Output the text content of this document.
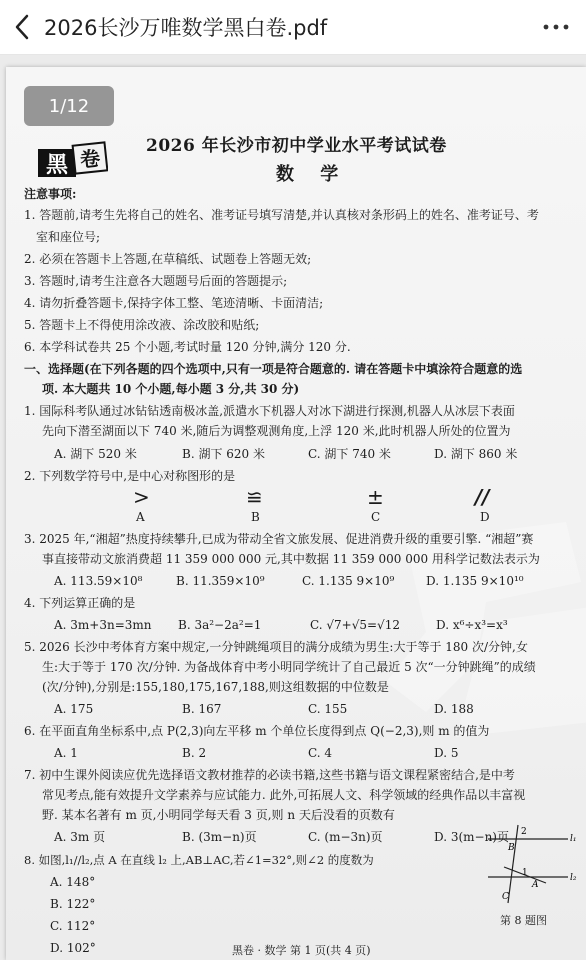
2026长沙万唯数学黑白卷.pdf
1/12
黑 卷
2026 年长沙市初中学业水平考试试卷
数 学
注意事项:
1. 答题前,请考生先将自己的姓名、准考证号填写清楚,并认真核对条形码上的姓名、准考证号、考
室和座位号;
2. 必须在答题卡上答题,在草稿纸、试题卷上答题无效;
3. 答题时,请考生注意各大题题号后面的答题提示;
4. 请勿折叠答题卡,保持字体工整、笔迹清晰、卡面清洁;
5. 答题卡上不得使用涂改液、涂改胶和贴纸;
6. 本学科试卷共 25 个小题,考试时量 120 分钟,满分 120 分.
一、选择题(在下列各题的四个选项中,只有一项是符合题意的. 请在答题卡中填涂符合题意的选
项. 本大题共 10 个小题,每小题 3 分,共 30 分)
1. 国际科考队通过冰钻钻透南极冰盖,派遣水下机器人对冰下湖进行探测,机器人从冰层下表面
先向下潜至湖面以下 740 米,随后为调整观测角度,上浮 120 米,此时机器人所处的位置为
A. 湖下 520 米	B. 湖下 620 米	C. 湖下 740 米	D. 湖下 860 米
2. 下列数学符号中,是中心对称图形的是
>	≌	±	//
A	B	C	D
3. 2025 年,“湘超”热度持续攀升,已成为带动全省文旅发展、促进消费升级的重要引擎. “湘超”赛
事直接带动文旅消费超 11 359 000 000 元,其中数据 11 359 000 000 用科学记数法表示为
A. 113.59×10⁸	B. 11.359×10⁹	C. 1.135 9×10⁹	D. 1.135 9×10¹⁰
4. 下列运算正确的是
A. 3m+3n=3mn B. 3a²−2a²=1	C. √7+√5=√12	D. x⁶÷x³=x³
5. 2026 长沙中考体育方案中规定,一分钟跳绳项目的满分成绩为男生:大于等于 180 次/分钟,女
生:大于等于 170 次/分钟. 为备战体育中考小明同学统计了自己最近 5 次“一分钟跳绳”的成绩
(次/分钟),分别是:155,180,175,167,188,则这组数据的中位数是
A. 175	B. 167	C. 155	D. 188
6. 在平面直角坐标系中,点 P(2,3)向左平移 m 个单位长度得到点 Q(−2,3),则 m 的值为
A. 1	B. 2	C. 4	D. 5
7. 初中生课外阅读应优先选择语文教材推荐的必读书籍,这些书籍与语文课程紧密结合,是中考
常见考点,能有效提升文学素养与应试能力. 此外,可拓展人文、科学领域的经典作品以丰富视
野. 某本名著有 m 页,小明同学每天看 3 页,则 n 天后没看的页数有
A. 3m 页	B. (3m−n)页	C. (m−3n)页	D. 3(m−n)页
8. 如图,l₁//l₂,点 A 在直线 l₂ 上,AB⊥AC,若∠1=32°,则∠2 的度数为
A. 148°
B. 122°
C. 112°
D. 102°
2
B
l₁
1
A
l₂
C
第 8 题图
黑卷 · 数学 第 1 页(共 4 页)
